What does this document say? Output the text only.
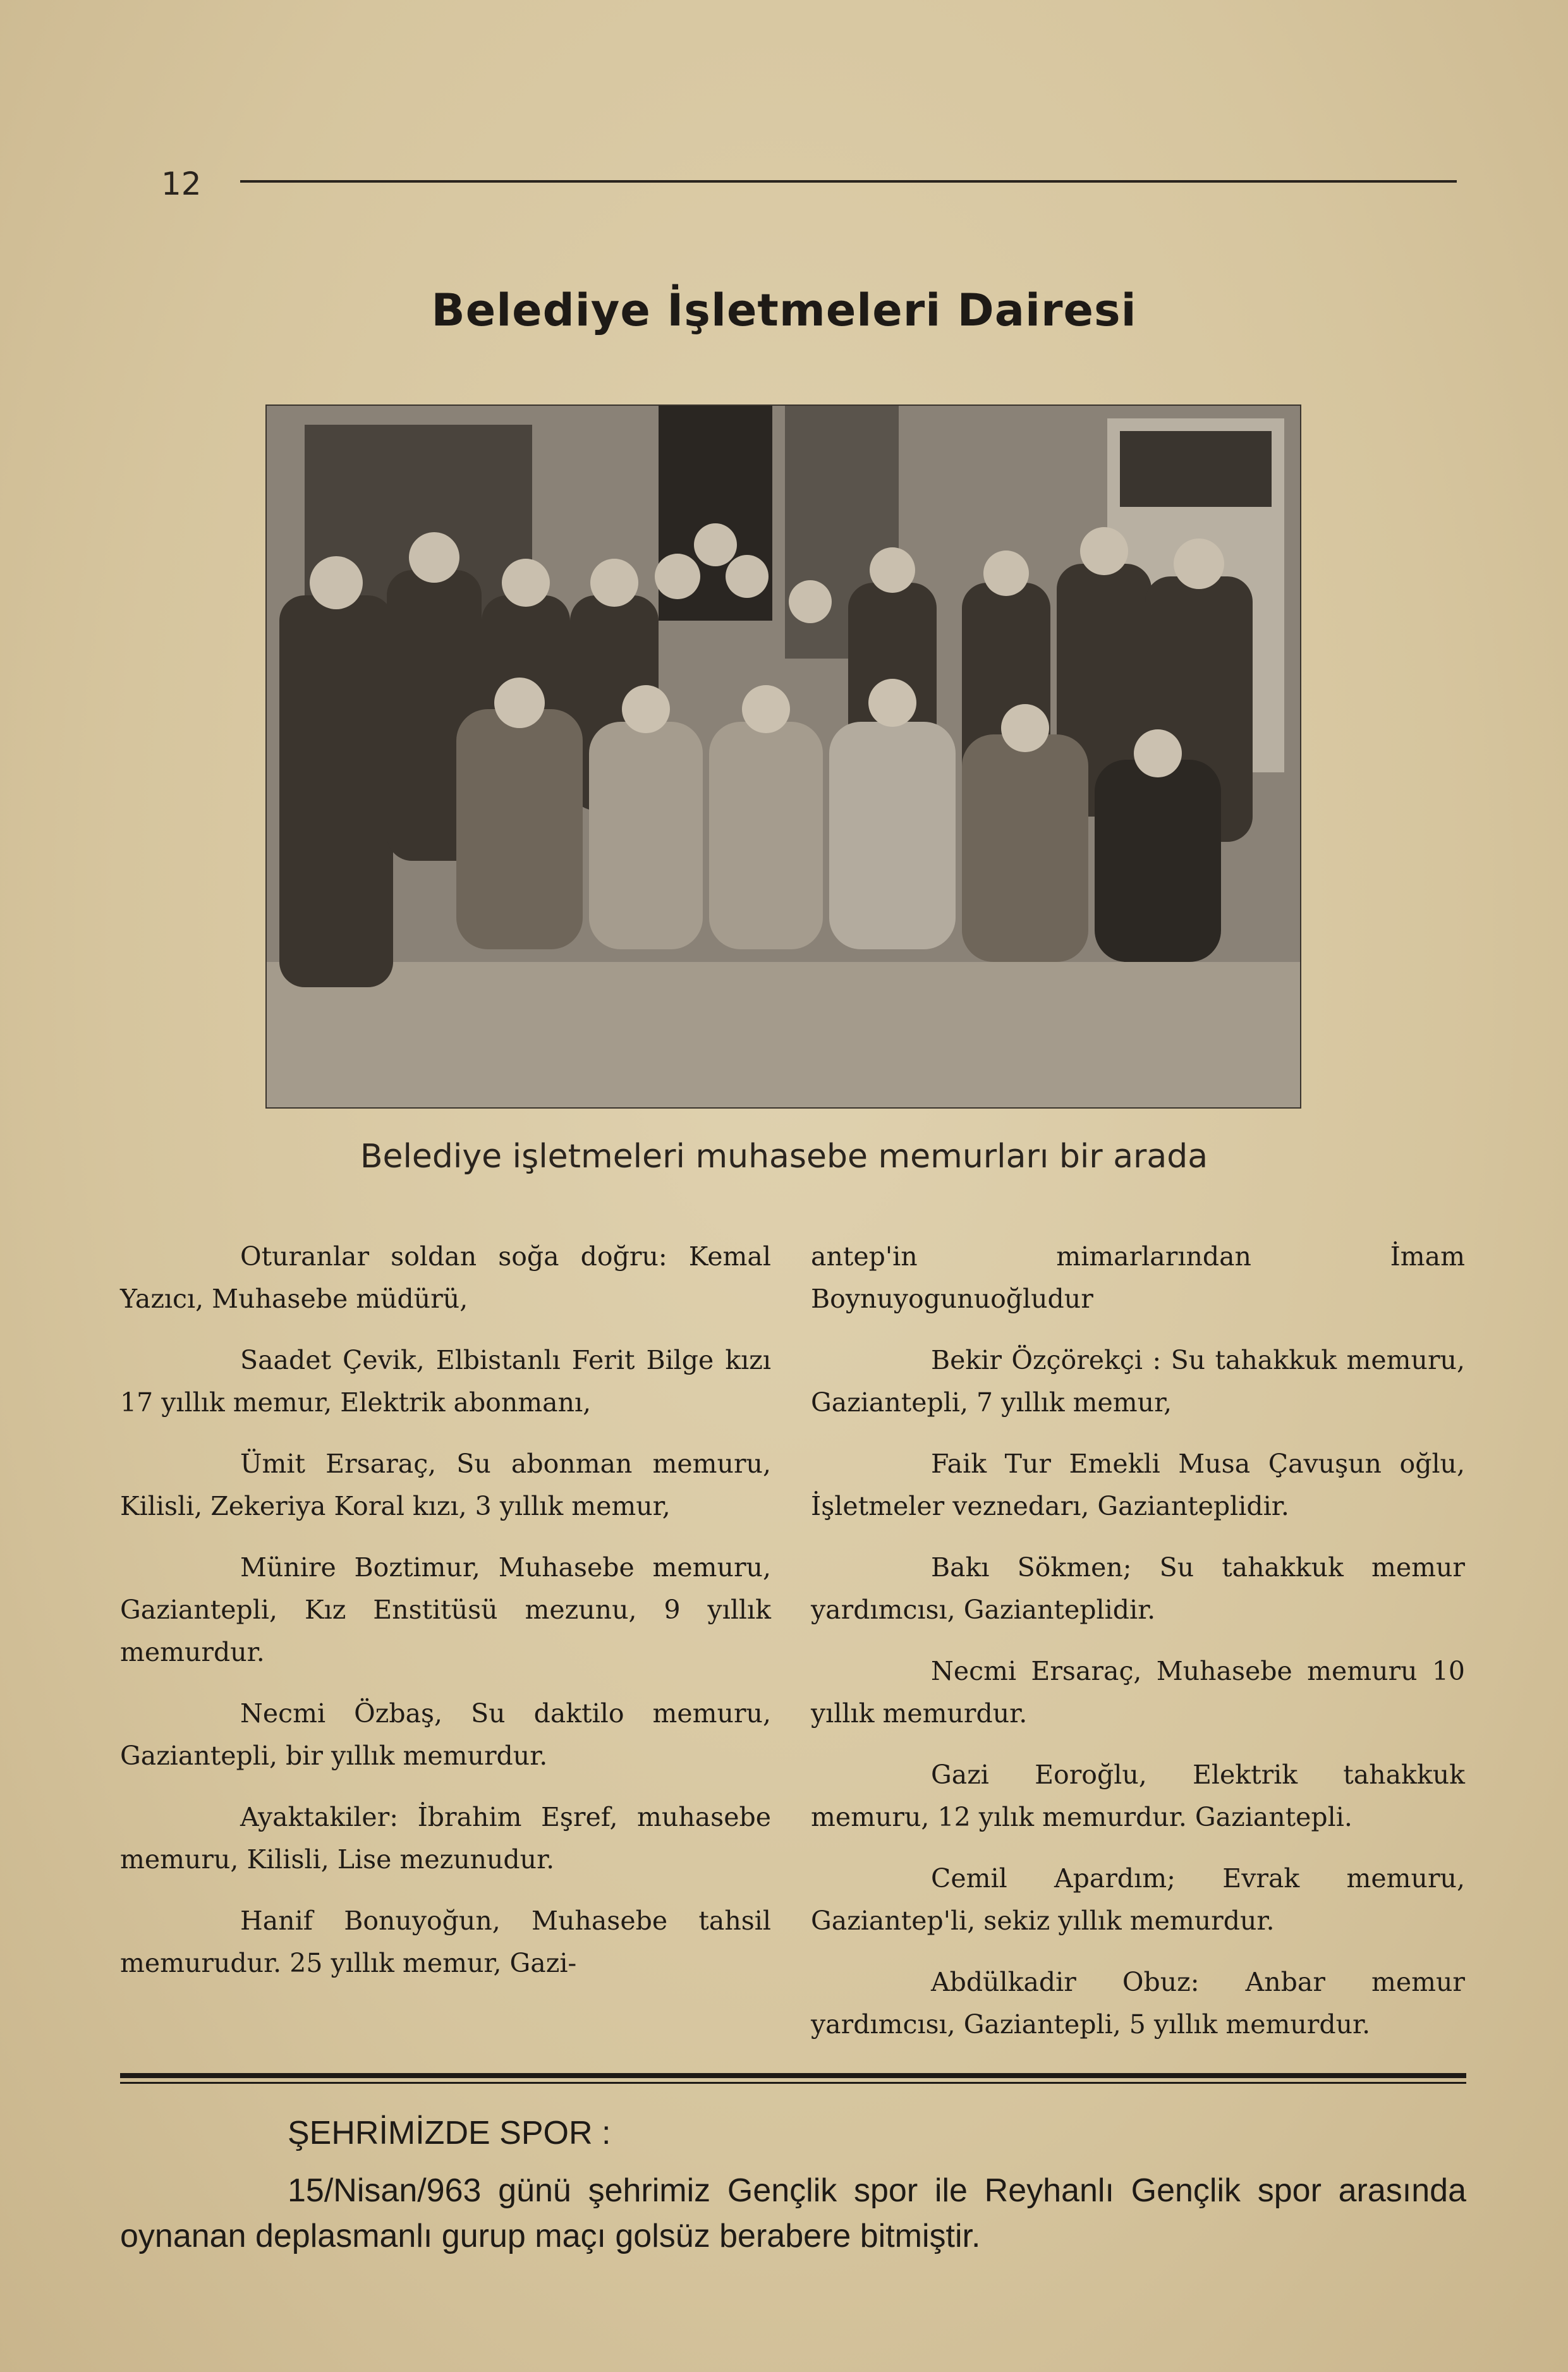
12
Belediye İşletmeleri Dairesi
Belediye işletmeleri muhasebe memurları bir arada

Oturanlar soldan soğa doğru: Kemal Yazıcı, Muhasebe müdürü,

Saadet Çevik, Elbistanlı Ferit Bilge kızı 17 yıllık memur, Elektrik abonmanı,

Ümit Ersaraç, Su abonman memuru, Kilisli, Zekeriya Koral kızı, 3 yıllık memur,

Münire Boztimur, Muhasebe memuru, Gaziantepli, Kız Enstitüsü mezunu, 9 yıllık memurdur.

Necmi Özbaş, Su daktilo memuru, Gaziantepli, bir yıllık memurdur.

Ayaktakiler: İbrahim Eşref, muhasebe memuru, Kilisli, Lise mezunudur.

Hanif Bonuyoğun, Muhasebe tahsil memurudur. 25 yıllık memur, Gazi-

antep'in mimarlarından İmam Boynuyogunuoğludur

Bekir Özçörekçi : Su tahakkuk memuru, Gaziantepli, 7 yıllık memur,

Faik Tur Emekli Musa Çavuşun oğlu, İşletmeler veznedarı, Gazianteplidir.

Bakı Sökmen; Su tahakkuk memur yardımcısı, Gazianteplidir.

Necmi Ersaraç, Muhasebe memuru 10 yıllık memurdur.

Gazi Eoroğlu, Elektrik tahakkuk memuru, 12 yılık memurdur. Gaziantepli.

Cemil Apardım; Evrak memuru, Gaziantep'li, sekiz yıllık memurdur.

Abdülkadir Obuz: Anbar memur yardımcısı, Gaziantepli, 5 yıllık memurdur.

ŞEHRİMİZDE SPOR :
15/Nisan/963 günü şehrimiz Gençlik spor ile Reyhanlı Gençlik spor arasında oynanan deplasmanlı gurup maçı golsüz berabere bitmiştir.
